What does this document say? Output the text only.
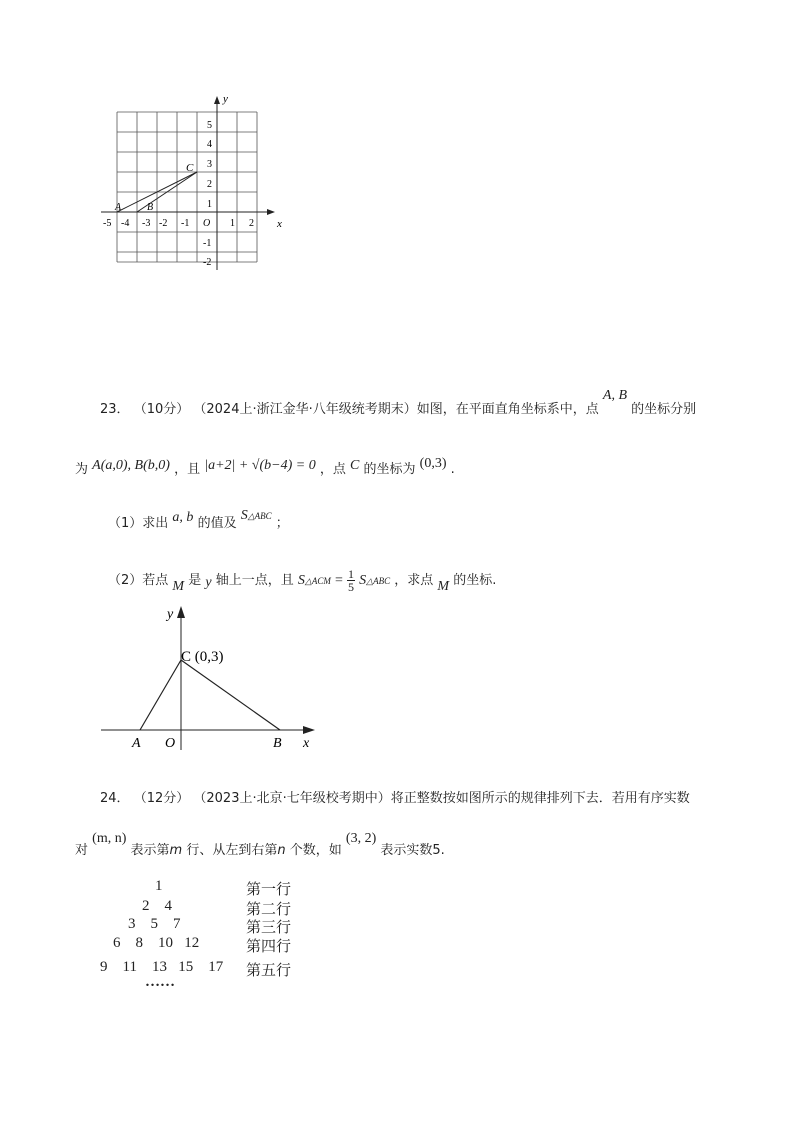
x
y
O
-5 -4 -3 -2 -1	1 2
5
4
3
2
1
-1
-2
A	B
C
23． （10分） （2024上·浙江金华·八年级统考期末）如图，在平面直角坐标系中，点 A, B 的坐标分别
为 A(a,0), B(b,0) ，且 |a+2| + √(b−4) = 0 ，点 C 的坐标为 (0,3) .
（1）求出 a, b 的值及 S△ABC ；
（2）若点 M 是 y 轴上一点，且 S△ACM = $\frac{1}{5}$ S△ABC ，求点 M 的坐标.
y
x
A O	B
C (0,3)
24． （12分） （2023上·北京·七年级校考期中）将正整数按如图所示的规律排列下去．若用有序实数
对 (m, n) 表示第m 行、从左到右第n 个数，如 (3, 2) 表示实数5.
1	第一行
2    4	第二行
3    5    7	第三行
6    8    10   12	第四行
9    11    13   15    17 第五行
……
